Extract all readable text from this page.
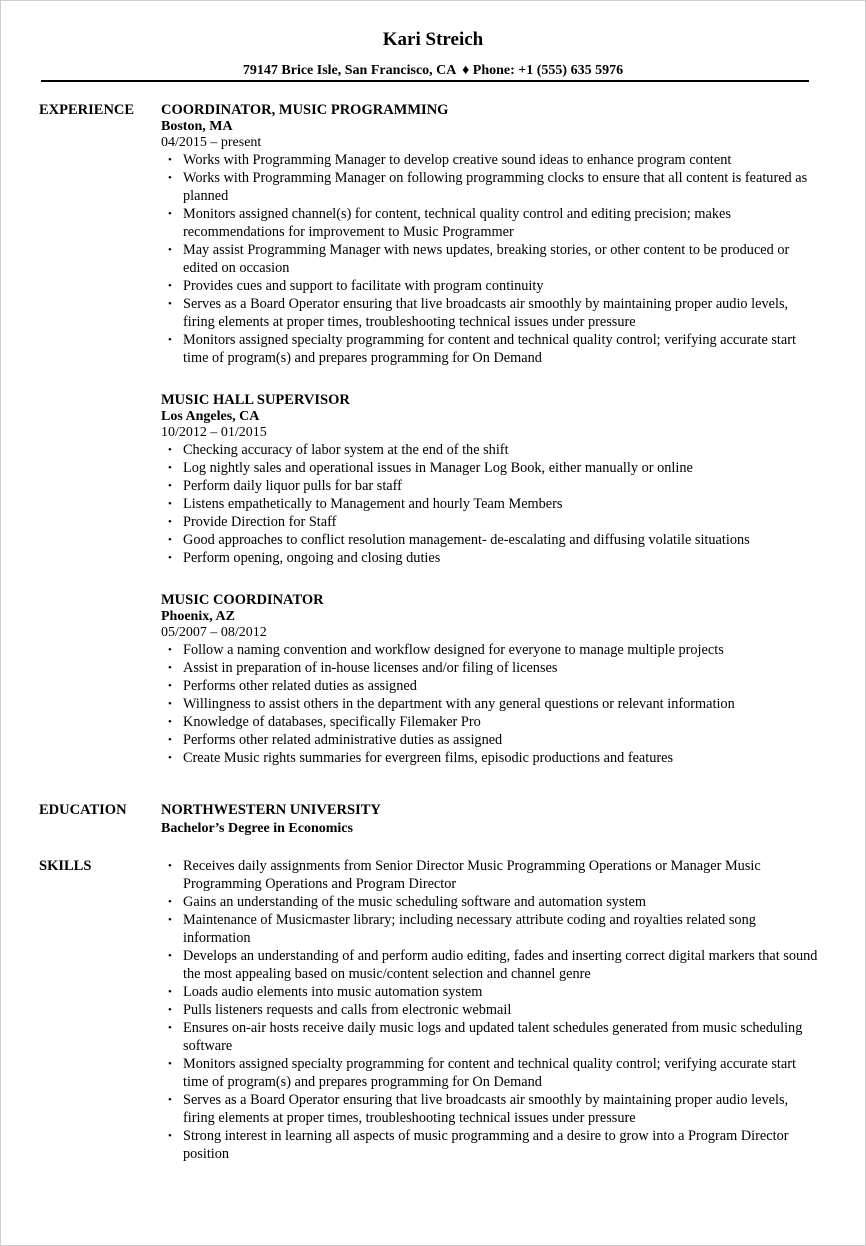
Kari Streich
79147 Brice Isle, San Francisco, CA ♦ Phone: +1 (555) 635 5976
EXPERIENCE COORDINATOR, MUSIC PROGRAMMING
Boston, MA
04/2015 – present
• Works with Programming Manager to develop creative sound ideas to enhance program content
• Works with Programming Manager on following programming clocks to ensure that all content is featured as planned
• Monitors assigned channel(s) for content, technical quality control and editing precision; makes recommendations for improvement to Music Programmer
• May assist Programming Manager with news updates, breaking stories, or other content to be produced or edited on occasion
• Provides cues and support to facilitate with program continuity
• Serves as a Board Operator ensuring that live broadcasts air smoothly by maintaining proper audio levels, firing elements at proper times, troubleshooting technical issues under pressure
• Monitors assigned specialty programming for content and technical quality control; verifying accurate start time of program(s) and prepares programming for On Demand
MUSIC HALL SUPERVISOR
Los Angeles, CA
10/2012 – 01/2015
• Checking accuracy of labor system at the end of the shift
• Log nightly sales and operational issues in Manager Log Book, either manually or online
• Perform daily liquor pulls for bar staff
• Listens empathetically to Management and hourly Team Members
• Provide Direction for Staff
• Good approaches to conflict resolution management- de-escalating and diffusing volatile situations
• Perform opening, ongoing and closing duties
MUSIC COORDINATOR
Phoenix, AZ
05/2007 – 08/2012
• Follow a naming convention and workflow designed for everyone to manage multiple projects
• Assist in preparation of in-house licenses and/or filing of licenses
• Performs other related duties as assigned
• Willingness to assist others in the department with any general questions or relevant information
• Knowledge of databases, specifically Filemaker Pro
• Performs other related administrative duties as assigned
• Create Music rights summaries for evergreen films, episodic productions and features
EDUCATION NORTHWESTERN UNIVERSITY
Bachelor’s Degree in Economics
SKILLS
•	Receives daily assignments from Senior Director Music Programming Operations or Manager Music Programming Operations and Program Director
• Gains an understanding of the music scheduling software and automation system
• Maintenance of Musicmaster library; including necessary attribute coding and royalties related song information
• Develops an understanding of and perform audio editing, fades and inserting correct digital markers that sound the most appealing based on music/content selection and channel genre
• Loads audio elements into music automation system
• Pulls listeners requests and calls from electronic webmail
• Ensures on-air hosts receive daily music logs and updated talent schedules generated from music scheduling software
• Monitors assigned specialty programming for content and technical quality control; verifying accurate start time of program(s) and prepares programming for On Demand
• Serves as a Board Operator ensuring that live broadcasts air smoothly by maintaining proper audio levels, firing elements at proper times, troubleshooting technical issues under pressure
• Strong interest in learning all aspects of music programming and a desire to grow into a Program Director position
